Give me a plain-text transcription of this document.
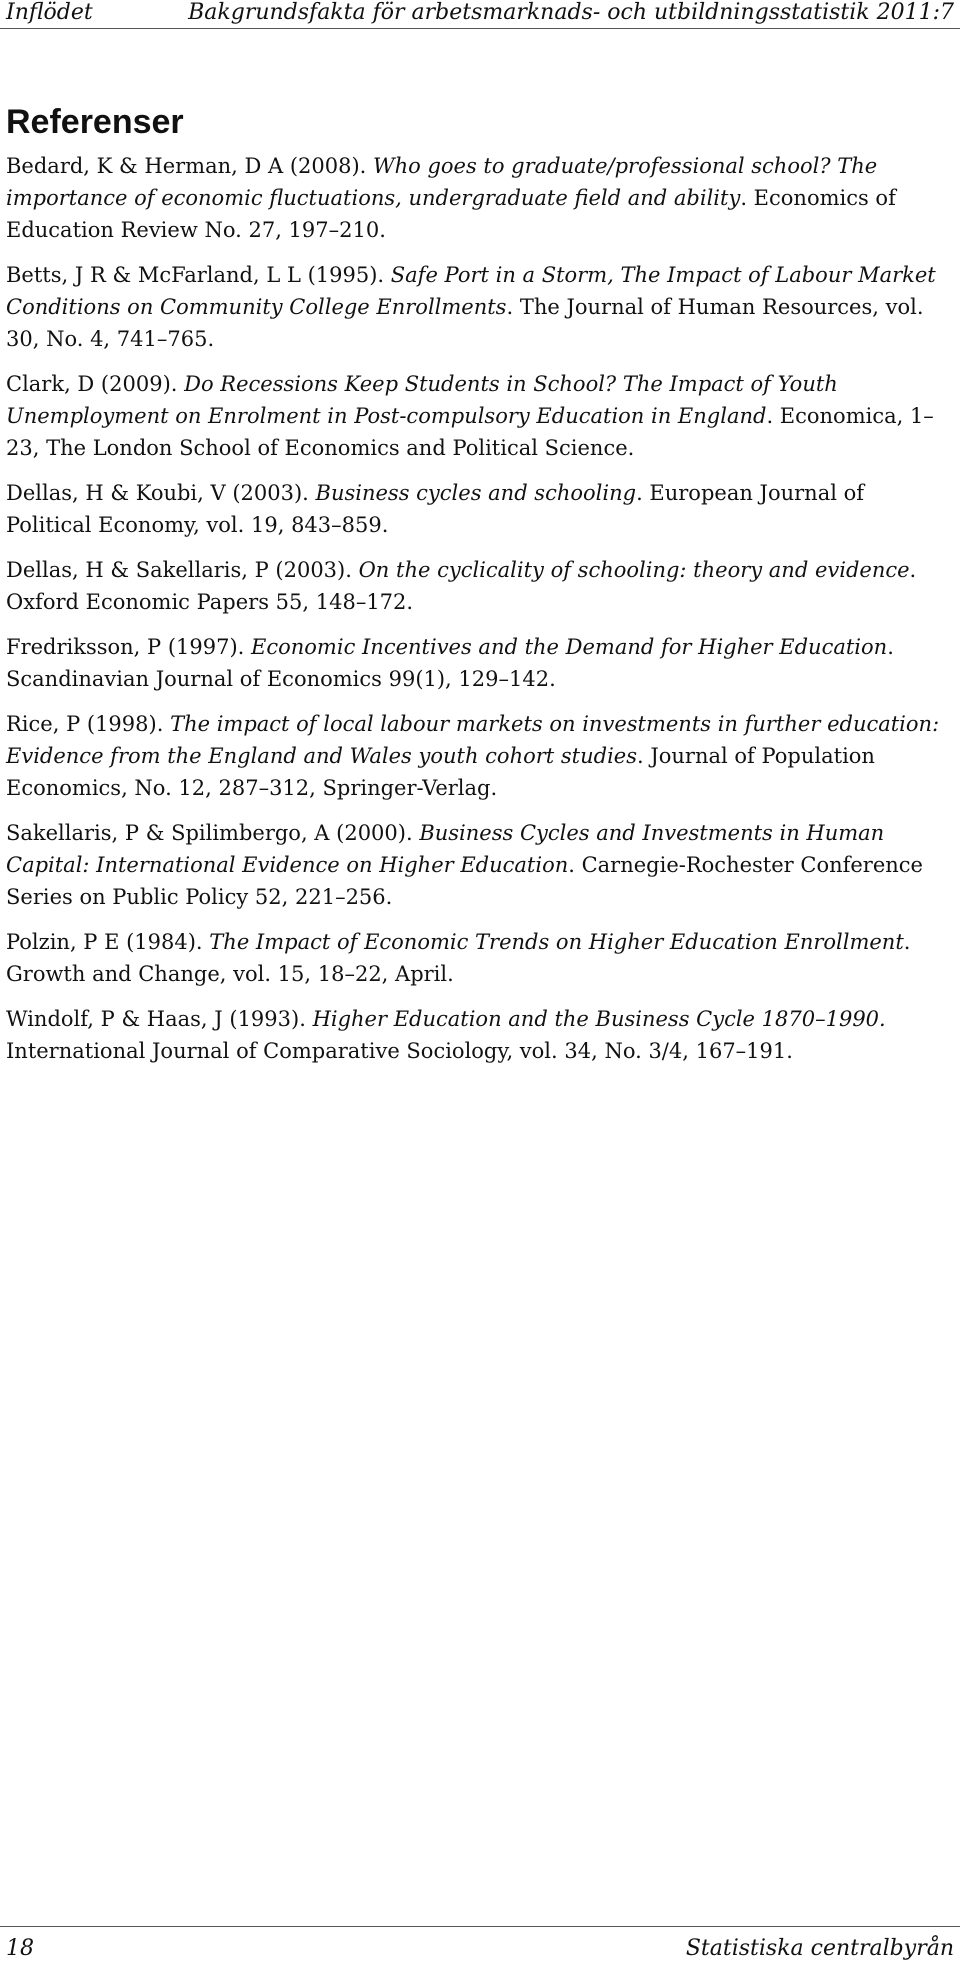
Inflödet	Bakgrundsfakta för arbetsmarknads- och utbildningsstatistik 2011:7
Referenser

Bedard, K & Herman, D A (2008). Who goes to graduate/professional school? The importance of economic fluctuations, undergraduate field and ability. Economics of Education Review No. 27, 197–210.

Betts, J R & McFarland, L L (1995). Safe Port in a Storm, The Impact of Labour Market Conditions on Community College Enrollments. The Journal of Human Resources, vol. 30, No. 4, 741–765.

Clark, D (2009). Do Recessions Keep Students in School? The Impact of Youth Unemployment on Enrolment in Post-compulsory Education in England. Economica, 1–23, The London School of Economics and Political Science.

Dellas, H & Koubi, V (2003). Business cycles and schooling. European Journal of Political Economy, vol. 19, 843–859.

Dellas, H & Sakellaris, P (2003). On the cyclicality of schooling: theory and evidence. Oxford Economic Papers 55, 148–172.

Fredriksson, P (1997). Economic Incentives and the Demand for Higher Education. Scandinavian Journal of Economics 99(1), 129–142.

Rice, P (1998). The impact of local labour markets on investments in further education: Evidence from the England and Wales youth cohort studies. Journal of Population Economics, No. 12, 287–312, Springer-Verlag.

Sakellaris, P & Spilimbergo, A (2000). Business Cycles and Investments in Human Capital: International Evidence on Higher Education. Carnegie-Rochester Conference Series on Public Policy 52, 221–256.

Polzin, P E (1984). The Impact of Economic Trends on Higher Education Enrollment. Growth and Change, vol. 15, 18–22, April.

Windolf, P & Haas, J (1993). Higher Education and the Business Cycle 1870–1990. International Journal of Comparative Sociology, vol. 34, No. 3/4, 167–191.

18	Statistiska centralbyrån
